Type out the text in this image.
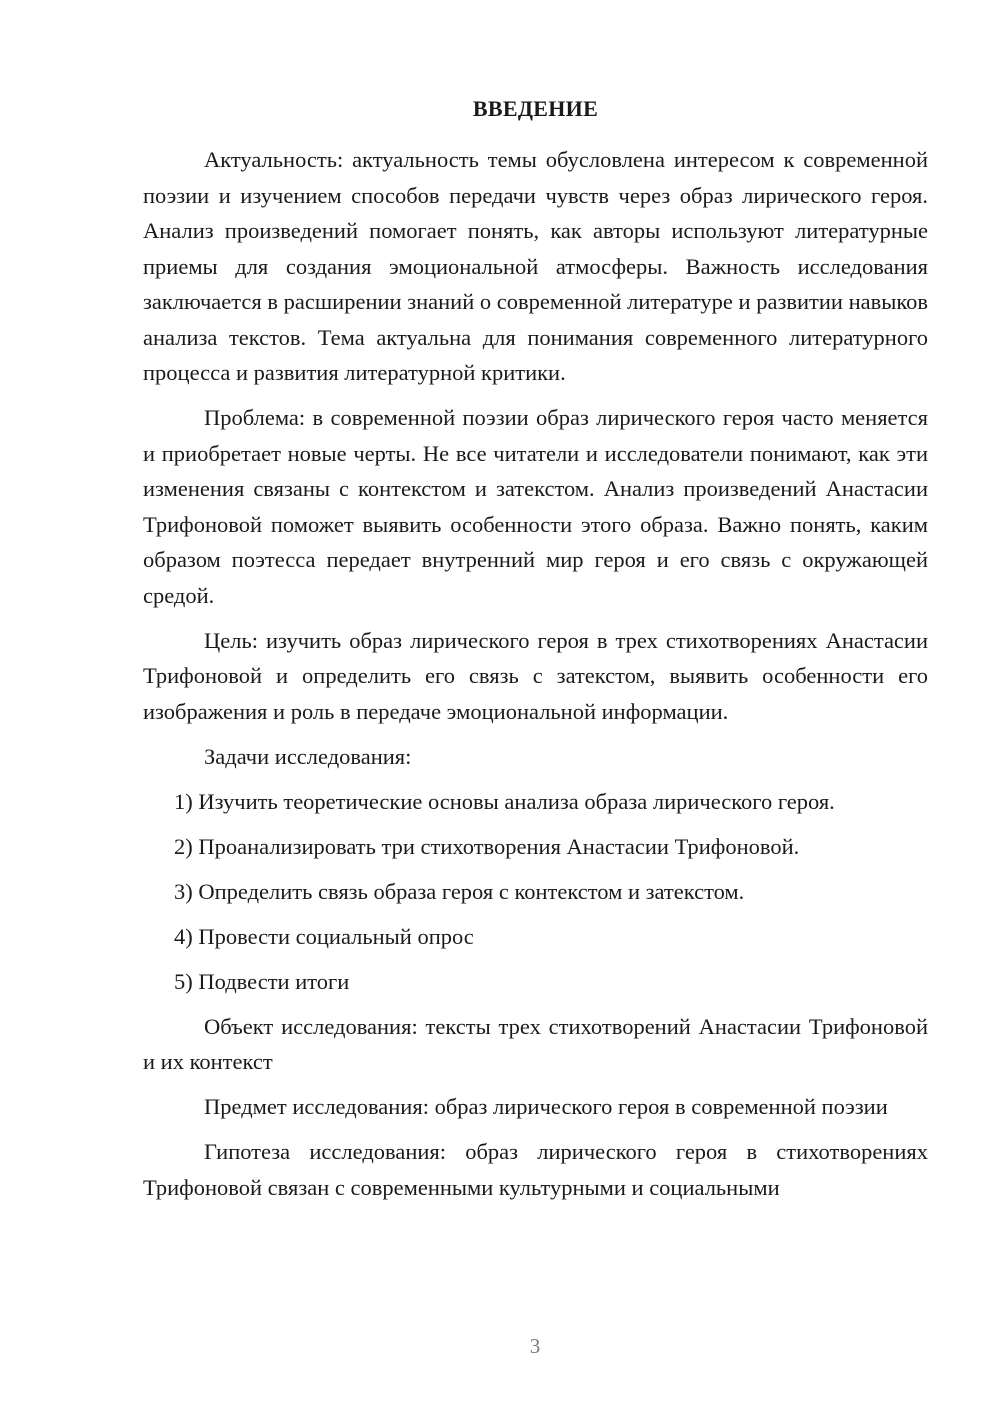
ВВЕДЕНИЕ

Актуальность: актуальность темы обусловлена интересом к современной поэзии и изучением способов передачи чувств через образ лирического героя. Анализ произведений помогает понять, как авторы используют литературные приемы для создания эмоциональной атмосферы. Важность исследования заключается в расширении знаний о современной литературе и развитии навыков анализа текстов. Тема актуальна для понимания современного литературного процесса и развития литературной критики.

Проблема: в современной поэзии образ лирического героя часто меняется и приобретает новые черты. Не все читатели и исследователи понимают, как эти изменения связаны с контекстом и затекстом. Анализ произведений Анастасии Трифоновой поможет выявить особенности этого образа. Важно понять, каким образом поэтесса передает внутренний мир героя и его связь с окружающей средой.

Цель: изучить образ лирического героя в трех стихотворениях Анастасии Трифоновой и определить его связь с затекстом, выявить особенности его изображения и роль в передаче эмоциональной информации.

Задачи исследования:

1) Изучить теоретические основы анализа образа лирического героя.

2) Проанализировать три стихотворения Анастасии Трифоновой.

3) Определить связь образа героя с контекстом и затекстом.

4) Провести социальный опрос

5) Подвести итоги

Объект исследования: тексты трех стихотворений Анастасии Трифоновой и их контекст

Предмет исследования: образ лирического героя в современной поэзии

Гипотеза исследования: образ лирического героя в стихотворениях Трифоновой связан с современными культурными и социальными

3
